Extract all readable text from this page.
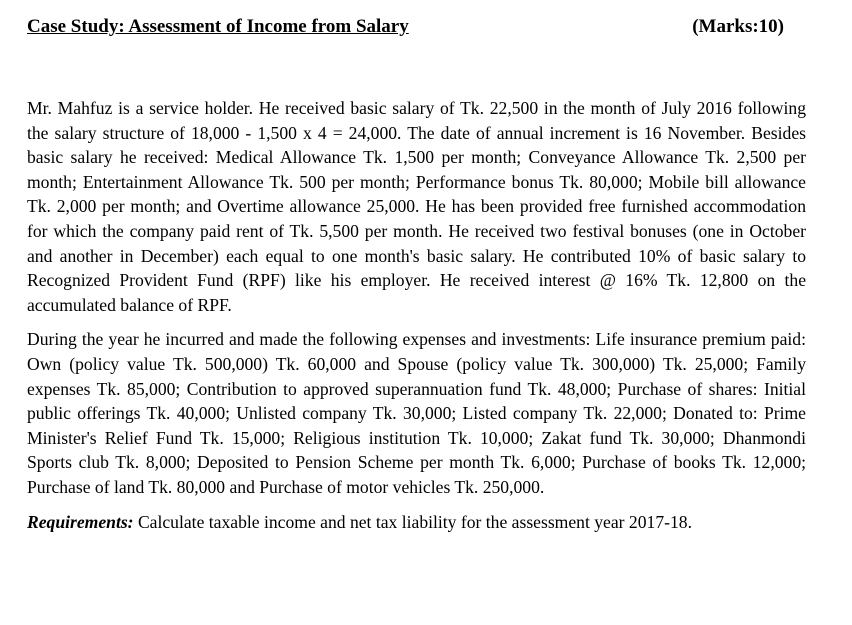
Case Study: Assessment of Income from Salary	(Marks:10)

Mr. Mahfuz is a service holder. He received basic salary of Tk. 22,500 in the month of July 2016 following the salary structure of 18,000 - 1,500 x 4 = 24,000. The date of annual increment is 16 November. Besides basic salary he received: Medical Allowance Tk. 1,500 per month; Conveyance Allowance Tk. 2,500 per month; Entertainment Allowance Tk. 500 per month; Performance bonus Tk. 80,000; Mobile bill allowance Tk. 2,000 per month; and Overtime allowance 25,000. He has been provided free furnished accommodation for which the company paid rent of Tk. 5,500 per month. He received two festival bonuses (one in October and another in December) each equal to one month's basic salary. He contributed 10% of basic salary to Recognized Provident Fund (RPF) like his employer. He received interest @ 16% Tk. 12,800 on the accumulated balance of RPF.

During the year he incurred and made the following expenses and investments: Life insurance premium paid: Own (policy value Tk. 500,000) Tk. 60,000 and Spouse (policy value Tk. 300,000) Tk. 25,000; Family expenses Tk. 85,000; Contribution to approved superannuation fund Tk. 48,000; Purchase of shares: Initial public offerings Tk. 40,000; Unlisted company Tk. 30,000; Listed company Tk. 22,000; Donated to: Prime Minister's Relief Fund Tk. 15,000; Religious institution Tk. 10,000; Zakat fund Tk. 30,000; Dhanmondi Sports club Tk. 8,000; Deposited to Pension Scheme per month Tk. 6,000; Purchase of books Tk. 12,000; Purchase of land Tk. 80,000 and Purchase of motor vehicles Tk. 250,000.

Requirements: Calculate taxable income and net tax liability for the assessment year 2017-18.
